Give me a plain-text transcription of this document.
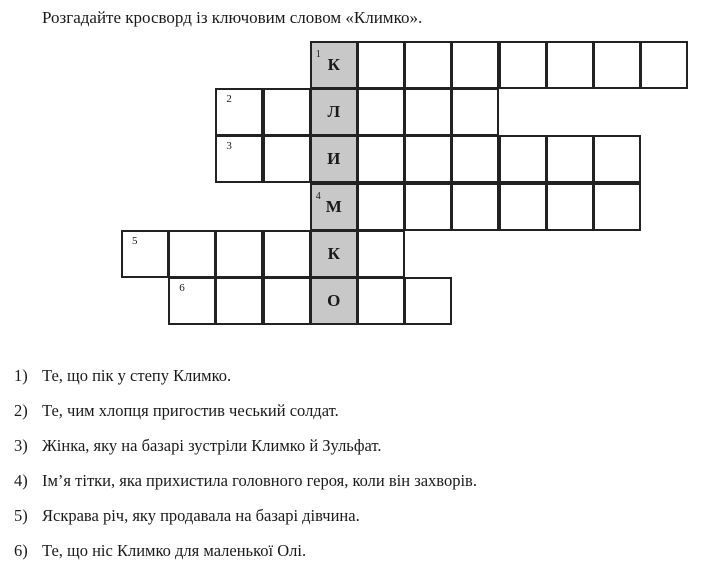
Розгадайте кросворд із ключовим словом «Климко».
1
К
2
Л
3
И
4
М
5
К
6
О
1) Те, що пік у степу Климко.
2) Те, чим хлопця пригостив чеський солдат.
3) Жінка, яку на базарі зустріли Климко й Зульфат.
4) Ім’я тітки, яка прихистила головного героя, коли він захворів.
5) Яскрава річ, яку продавала на базарі дівчина.
6) Те, що ніс Климко для маленької Олі.
